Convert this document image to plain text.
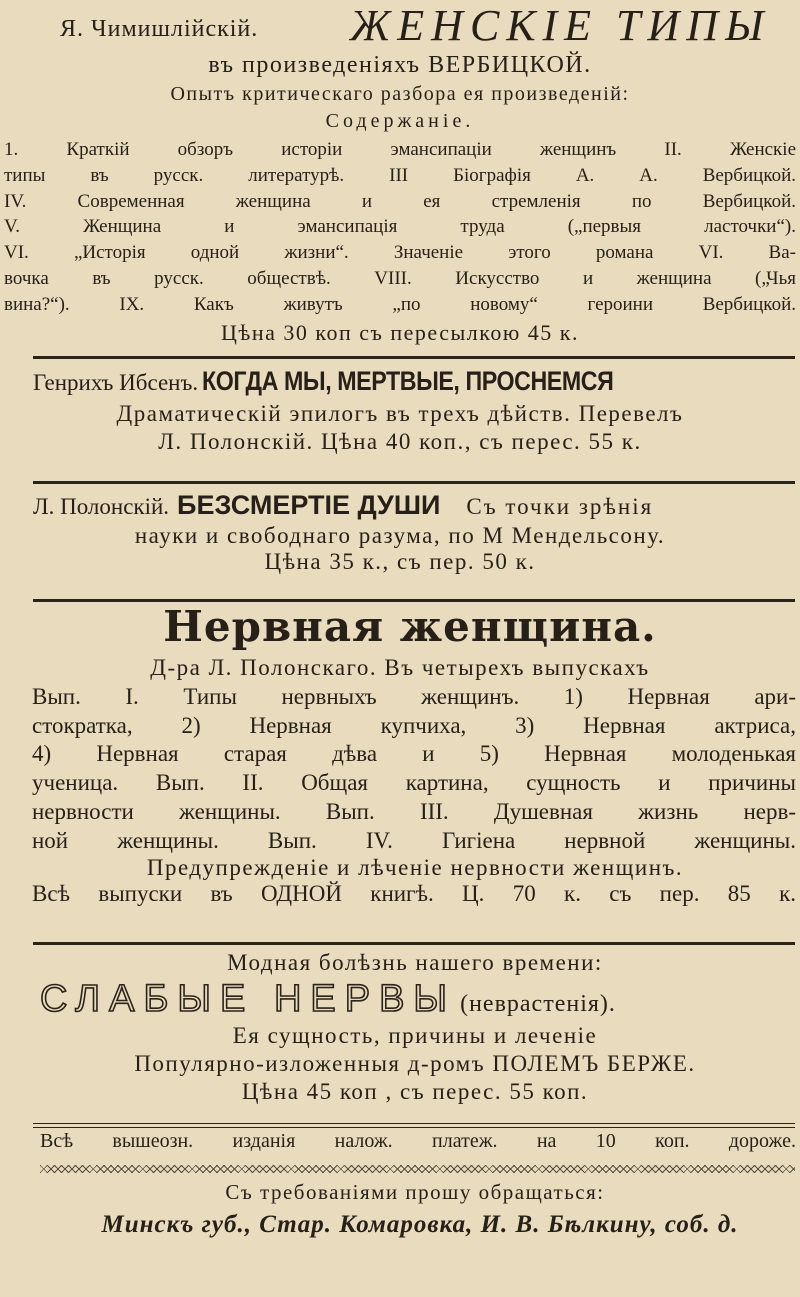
Я. Чимишлійскій. ЖЕНСКІЕ ТИПЫ
въ произведеніяхъ ВЕРБИЦКОЙ.
Опытъ критическаго разбора ея произведеній:
Содержаніе.
1. Краткій обзоръ исторіи эмансипаціи женщинъ II. Женскіе
типы въ русск. литературѣ. III Біографія А. А. Вербицкой.
IV. Современная женщина и ея стремленія по Вербицкой.
V. Женщина и эмансипація труда („первыя ласточки“).
VI. „Исторія одной жизни“. Значеніе этого романа VI. Ва-
вочка въ русск. обществѣ. VIII. Искусство и женщина („Чья
вина?“). IX. Какъ живутъ „по новому“ героини Вербицкой.
Цѣна 30 коп съ пересылкою 45 к.
Генрихъ Ибсенъ. КОГДА МЫ, МЕРТВЫЕ, ПРОСНЕМСЯ
Драматическій эпилогъ въ трехъ дѣйств. Перевелъ
Л. Полонскій. Цѣна 40 коп., съ перес. 55 к.
Л. Полонскій. БЕЗСМЕРТІЕ ДУШИ Съ точки зрѣнія
науки и свободнаго разума, по М Мендельсону.
Цѣна 35 к., съ пер. 50 к.
Нервная женщина.
Д-ра Л. Полонскаго. Въ четырехъ выпускахъ
Вып. I. Типы нервныхъ женщинъ. 1) Нервная ари-
стократка, 2) Нервная купчиха, 3) Нервная актриса,
4) Нервная старая дѣва и 5) Нервная молоденькая
ученица. Вып. II. Общая картина, сущность и причины
нервности женщины. Вып. III. Душевная жизнь нерв-
ной женщины. Вып. IV. Гигіена нервной женщины.
Предупрежденіе и лѣченіе нервности женщинъ.
Всѣ выпуски въ ОДНОЙ книгѣ. Ц. 70 к. съ пер. 85 к.
Модная болѣзнь нашего времени:
СЛАБЫЕ НЕРВЫ (неврастенія).
Ея сущность, причины и леченіе
Популярно-изложенныя д-ромъ ПОЛЕМЪ БЕРЖЕ.
Цѣна 45 коп , съ перес. 55 коп.
Всѣ вышеозн. изданія налож. платеж. на 10 коп. дороже.
Съ требованіями прошу обращаться:
Минскъ губ., Стар. Комаровка, И. В. Бѣлкину, соб. д.
